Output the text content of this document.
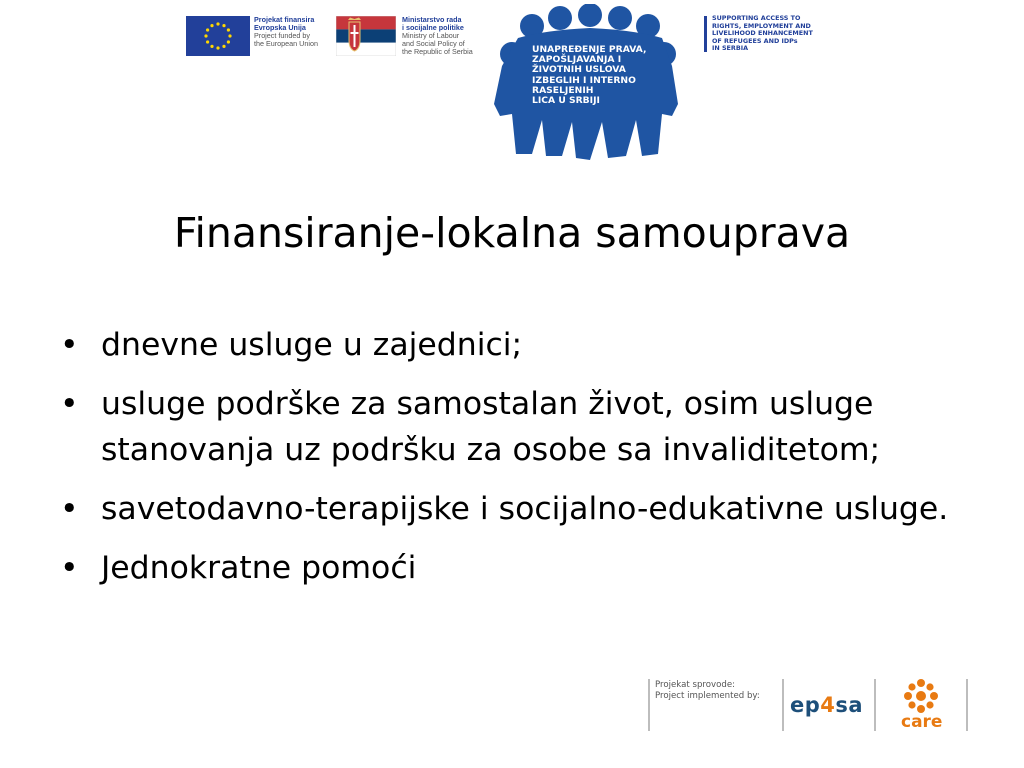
Projekat finansira
Evropska Unija
Project funded by
the European Union
Ministarstvo rada
i socijalne politike
Ministry of Labour
and Social Policy of
the Republic of Serbia	UNAPREĐENJE PRAVA,
ZAPOŠLJAVANJA I
ŽIVOTNIH USLOVA
IZBEGLIH I INTERNO
RASELJENIH
LICA U SRBIJI
SUPPORTING ACCESS TO
RIGHTS, EMPLOYMENT AND
LIVELIHOOD ENHANCEMENT
OF REFUGEES AND IDPs
IN SERBIA
Finansiranje-lokalna samouprava
• dnevne usluge u zajednici;
• usluge podrške za samostalan život, osim usluge stanovanja uz podršku za osobe sa invaliditetom;
• savetodavno-terapijske i socijalno-edukativne usluge.
• Jednokratne pomoći
Projekat sprovode:
Project implemented by:	ep4sa
care
